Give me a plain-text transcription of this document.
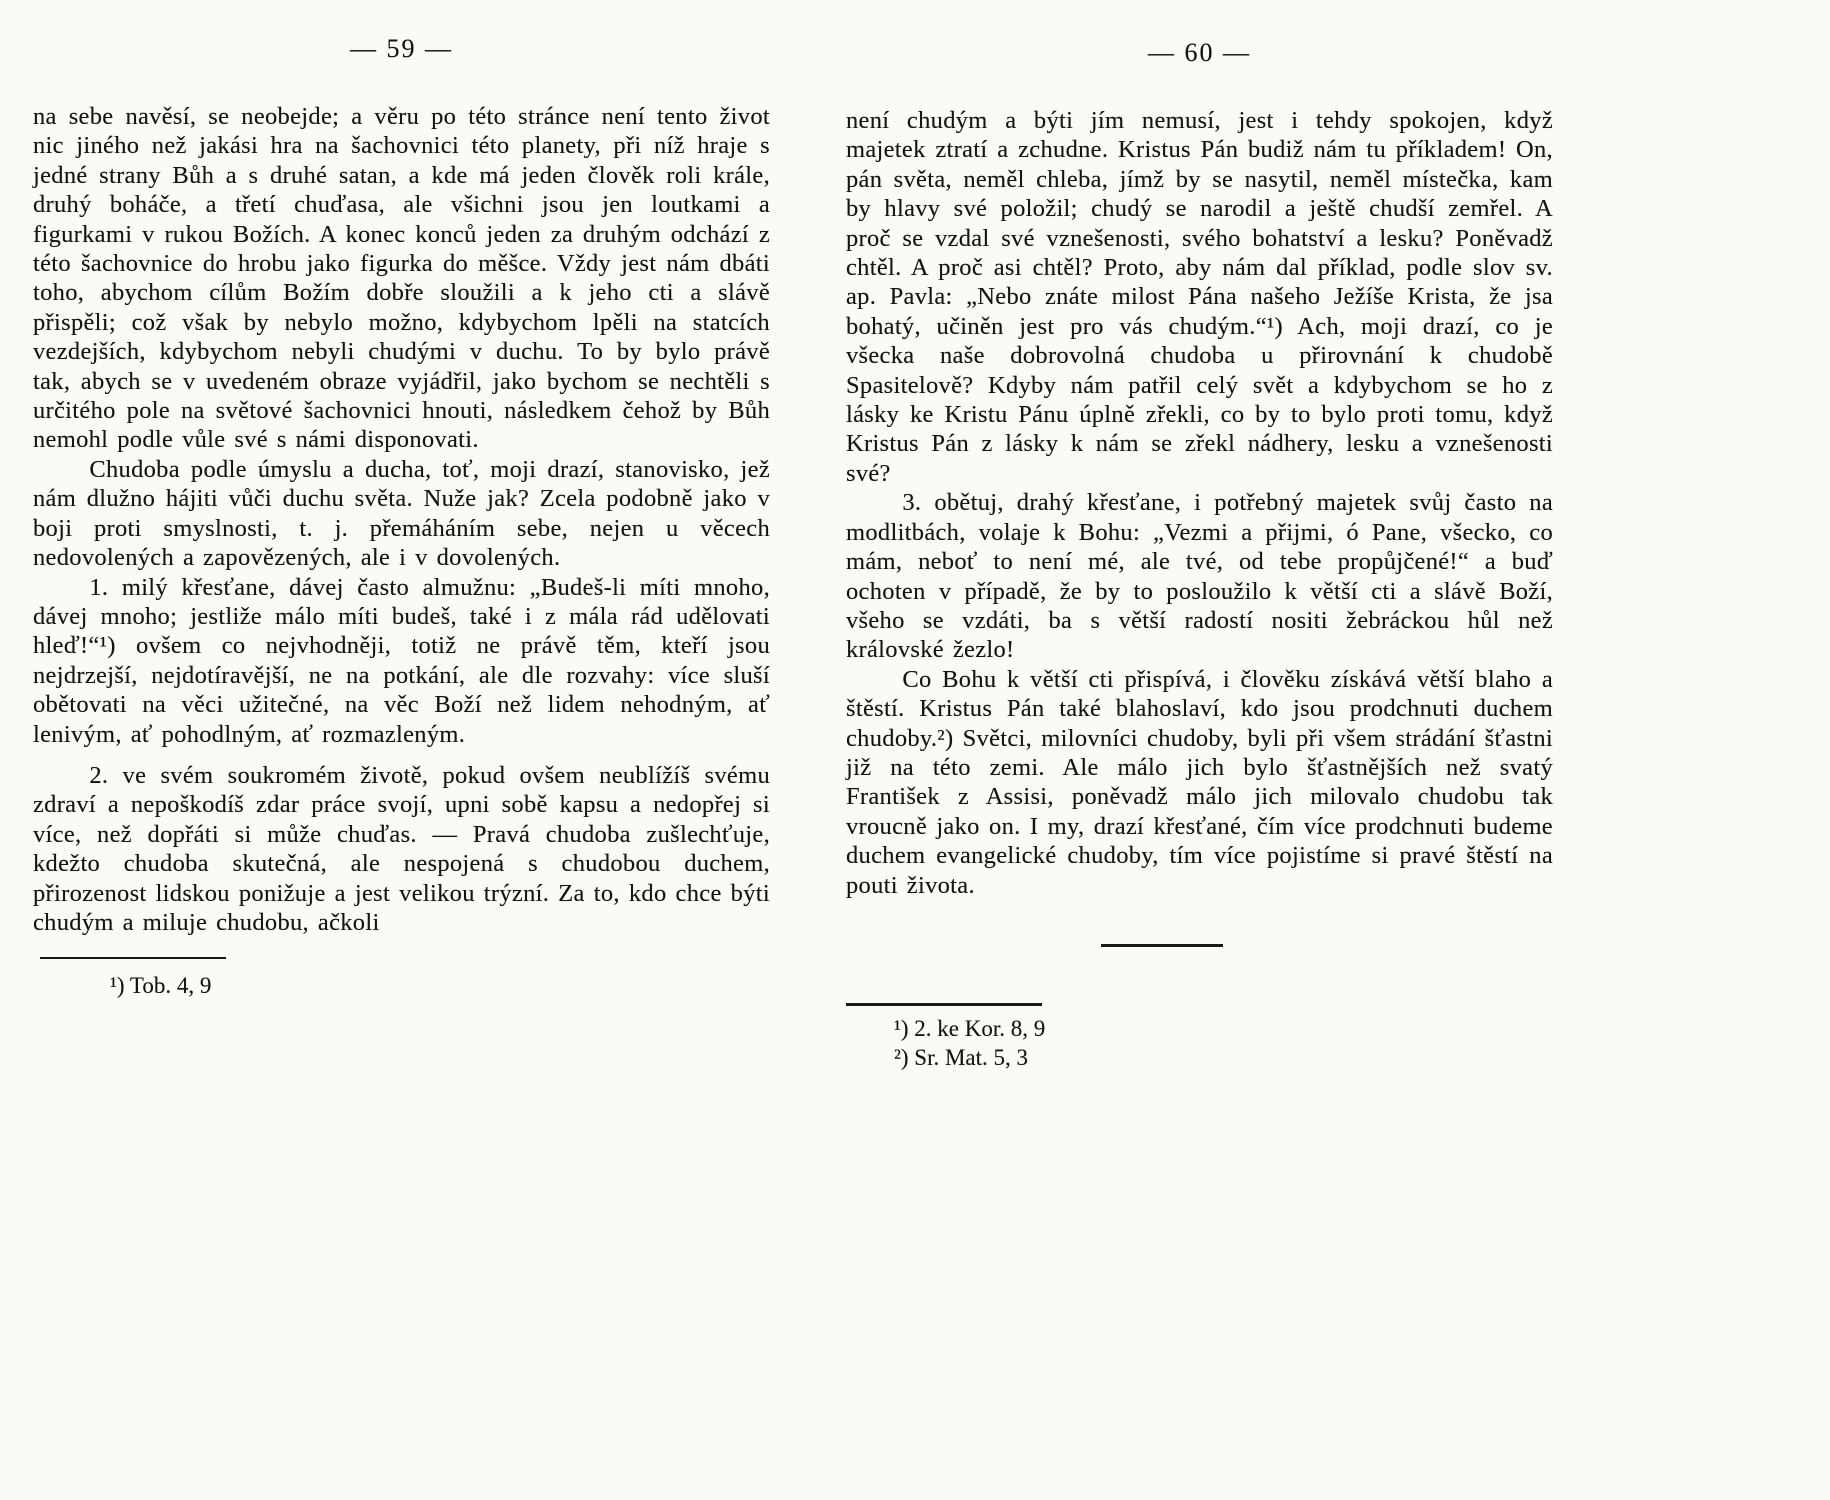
— 59 —

na sebe navěsí, se neobejde; a věru po této stránce není tento život nic jiného než jakási hra na šachovnici této planety, při níž hraje s jedné strany Bůh a s druhé satan, a kde má jeden člověk roli krále, druhý boháče, a třetí chuďasa, ale všichni jsou jen loutkami a figurkami v rukou Božích. A konec konců jeden za druhým odchází z této šachovnice do hrobu jako figurka do měšce. Vždy jest nám dbáti toho, abychom cílům Božím dobře sloužili a k jeho cti a slávě přispěli; což však by nebylo možno, kdybychom lpěli na statcích vezdejších, kdybychom nebyli chudými v duchu. To by bylo právě tak, abych se v uvedeném obraze vyjádřil, jako bychom se nechtěli s určitého pole na světové šachovnici hnouti, následkem čehož by Bůh nemohl podle vůle své s námi disponovati.

Chudoba podle úmyslu a ducha, toť, moji drazí, stanovisko, jež nám dlužno hájiti vůči duchu světa. Nuže jak? Zcela podobně jako v boji proti smyslnosti, t. j. přemáháním sebe, nejen u věcech nedovolených a zapovězených, ale i v dovolených.

1. milý křesťane, dávej často almužnu: „Budeš-li míti mnoho, dávej mnoho; jestliže málo míti budeš, také i z mála rád udělovati hleď!“¹) ovšem co nejvhodněji, totiž ne právě těm, kteří jsou nejdrzejší, nejdotíravější, ne na potkání, ale dle rozvahy: více sluší obětovati na věci užitečné, na věc Boží než lidem nehodným, ať lenivým, ať pohodlným, ať rozmazleným.

2. ve svém soukromém životě, pokud ovšem neublížíš svému zdraví a nepoškodíš zdar práce svojí, upni sobě kapsu a nedopřej si více, než dopřáti si může chuďas. — Pravá chudoba zušlechťuje, kdežto chudoba skutečná, ale nespojená s chudobou duchem, přirozenost lidskou ponižuje a jest velikou trýzní. Za to, kdo chce býti chudým a miluje chudobu, ačkoli

¹) Tob. 4, 9
— 60 —

není chudým a býti jím nemusí, jest i tehdy spokojen, když majetek ztratí a zchudne. Kristus Pán budiž nám tu příkladem! On, pán světa, neměl chleba, jímž by se nasytil, neměl místečka, kam by hlavy své položil; chudý se narodil a ještě chudší zemřel. A proč se vzdal své vznešenosti, svého bohatství a lesku? Poněvadž chtěl. A proč asi chtěl? Proto, aby nám dal příklad, podle slov sv. ap. Pavla: „Nebo znáte milost Pána našeho Ježíše Krista, že jsa bohatý, učiněn jest pro vás chudým.“¹) Ach, moji drazí, co je všecka naše dobrovolná chudoba u přirovnání k chudobě Spasitelově? Kdyby nám patřil celý svět a kdybychom se ho z lásky ke Kristu Pánu úplně zřekli, co by to bylo proti tomu, když Kristus Pán z lásky k nám se zřekl nádhery, lesku a vznešenosti své?

3. obětuj, drahý křesťane, i potřebný majetek svůj často na modlitbách, volaje k Bohu: „Vezmi a přijmi, ó Pane, všecko, co mám, neboť to není mé, ale tvé, od tebe propůjčené!“ a buď ochoten v případě, že by to posloužilo k větší cti a slávě Boží, všeho se vzdáti, ba s větší radostí nositi žebráckou hůl než královské žezlo!

Co Bohu k větší cti přispívá, i člověku získává větší blaho a štěstí. Kristus Pán také blahoslaví, kdo jsou prodchnuti duchem chudoby.²) Světci, milovníci chudoby, byli při všem strádání šťastni již na této zemi. Ale málo jich bylo šťastnějších než svatý František z Assisi, poněvadž málo jich milovalo chudobu tak vroucně jako on. I my, drazí křesťané, čím více prodchnuti budeme duchem evangelické chudoby, tím více pojistíme si pravé štěstí na pouti života.

¹) 2. ke Kor. 8, 9
²) Sr. Mat. 5, 3
